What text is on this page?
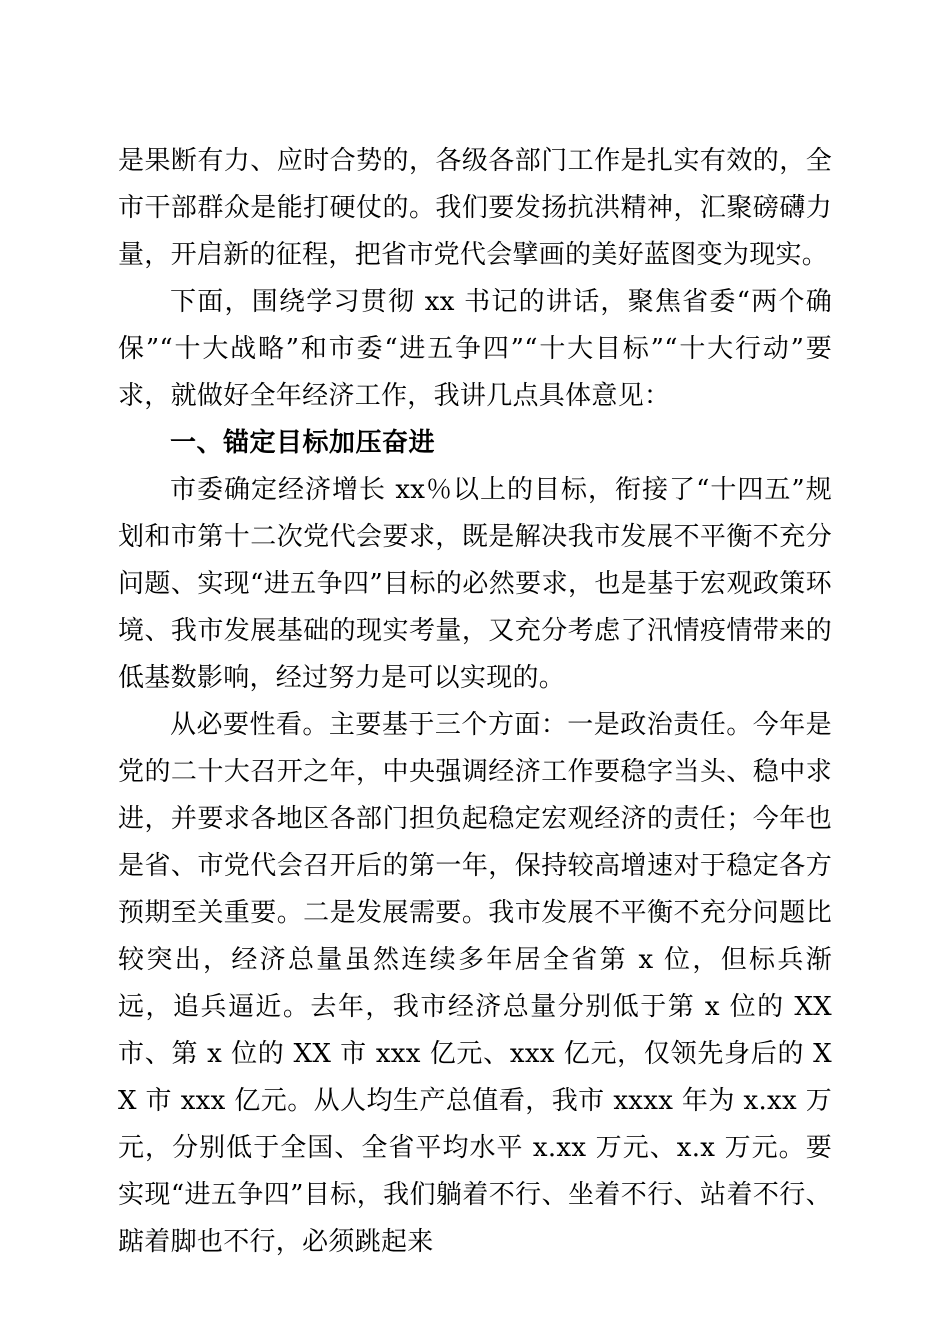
是果断有力、应时合势的，各级各部门工作是扎实有效的，全市干部群众是能打硬仗的。我们要发扬抗洪精神，汇聚磅礴力量，开启新的征程，把省市党代会擘画的美好蓝图变为现实。

下面，围绕学习贯彻 xx 书记的讲话，聚焦省委“两个确保”“十大战略”和市委“进五争四”“十大目标”“十大行动”要求，就做好全年经济工作，我讲几点具体意见：

一、锚定目标加压奋进

市委确定经济增长 xx％以上的目标，衔接了“十四五”规划和市第十二次党代会要求，既是解决我市发展不平衡不充分问题、实现“进五争四”目标的必然要求，也是基于宏观政策环境、我市发展基础的现实考量，又充分考虑了汛情疫情带来的低基数影响，经过努力是可以实现的。

从必要性看。主要基于三个方面：一是政治责任。今年是党的二十大召开之年，中央强调经济工作要稳字当头、稳中求进，并要求各地区各部门担负起稳定宏观经济的责任；今年也是省、市党代会召开后的第一年，保持较高增速对于稳定各方预期至关重要。二是发展需要。我市发展不平衡不充分问题比较突出，经济总量虽然连续多年居全省第 x 位，但标兵渐远，追兵逼近。去年，我市经济总量分别低于第 x 位的 XX 市、第 x 位的 XX 市 xxx 亿元、xxx 亿元，仅领先身后的 XX 市 xxx 亿元。从人均生产总值看，我市 xxxx 年为 x.xx 万元，分别低于全国、全省平均水平 x.xx 万元、x.x 万元。要实现“进五争四”目标，我们躺着不行、坐着不行、站着不行、踮着脚也不行，必须跳起来
